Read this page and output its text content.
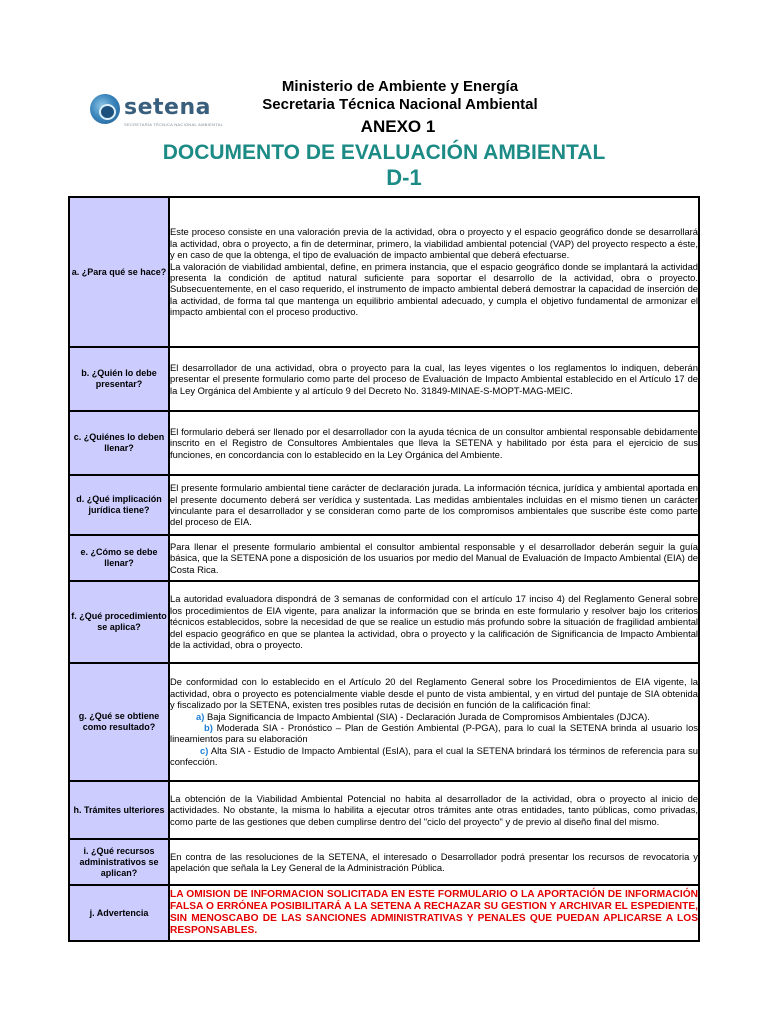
setena
SECRETARÍA TÉCNICA NACIONAL AMBIENTAL
Ministerio de Ambiente y Energía
Secretaria Técnica Nacional Ambiental
ANEXO 1
DOCUMENTO DE EVALUACIÓN AMBIENTAL
D-1
a. ¿Para qué se hace?	Este proceso consiste en una valoración previa de la actividad, obra o proyecto y el espacio geográfico donde se desarrollará la actividad, obra o proyecto, a fin de determinar, primero, la viabilidad ambiental potencial (VAP) del proyecto respecto a éste, y en caso de que la obtenga, el tipo de evaluación de impacto ambiental que deberá efectuarse.
La valoración de viabilidad ambiental, define, en primera instancia, que el espacio geográfico donde se implantará la actividad presenta la condición de aptitud natural suficiente para soportar el desarrollo de la actividad, obra o proyecto. Subsecuentemente, en el caso requerido, el instrumento de impacto ambiental deberá demostrar la capacidad de inserción de la actividad, de forma tal que mantenga un equilibrio ambiental adecuado, y cumpla el objetivo fundamental de armonizar el impacto ambiental con el proceso productivo.

b. ¿Quién lo debe presentar?	El desarrollador de una actividad, obra o proyecto para la cual, las leyes vigentes o los reglamentos lo indiquen, deberán presentar el presente formulario como parte del proceso de Evaluación de Impacto Ambiental establecido en el Artículo 17 de la Ley Orgánica del Ambiente y al artículo 9 del Decreto No. 31849-MINAE-S-MOPT-MAG-MEIC.

c. ¿Quiénes lo deben llenar?	El formulario deberá ser llenado por el desarrollador con la ayuda técnica de un consultor ambiental responsable debidamente inscrito en el Registro de Consultores Ambientales que lleva la SETENA y habilitado por ésta para el ejercicio de sus funciones, en concordancia con lo establecido en la Ley Orgánica del Ambiente.

d. ¿Qué implicación jurídica tiene?	El presente formulario ambiental tiene carácter de declaración jurada. La información técnica, jurídica y ambiental aportada en el presente documento deberá ser verídica y sustentada. Las medidas ambientales incluidas en el mismo tienen un carácter vinculante para el desarrollador y se consideran como parte de los compromisos ambientales que suscribe éste como parte del proceso de EIA.

e. ¿Cómo se debe llenar?	Para llenar el presente formulario ambiental el consultor ambiental responsable y el desarrollador deberán seguir la guía básica, que la SETENA pone a disposición de los usuarios por medio del Manual de Evaluación de Impacto Ambiental (EIA) de Costa Rica.

f. ¿Qué procedimiento se aplica?	La autoridad evaluadora dispondrá de 3 semanas de conformidad con el artículo 17 inciso 4) del Reglamento General sobre los procedimientos de EIA vigente, para analizar la información que se brinda en este formulario y resolver bajo los criterios técnicos establecidos, sobre la necesidad de que se realice un estudio más profundo sobre la situación de fragilidad ambiental del espacio geográfico en que se plantea la actividad, obra o proyecto y la calificación de Significancia de Impacto Ambiental de la actividad, obra o proyecto.

g. ¿Qué se obtiene como resultado?	De conformidad con lo establecido en el Artículo 20 del Reglamento General sobre los Procedimientos de EIA vigente, la actividad, obra o proyecto es potencialmente viable desde el punto de vista ambiental, y en virtud del puntaje de SIA obtenida y fiscalizado por la SETENA, existen tres posibles rutas de decisión en función de la calificación final:
a) Baja Significancia de Impacto Ambiental (SIA) - Declaración Jurada de Compromisos Ambientales (DJCA).
b) Moderada SIA - Pronóstico – Plan de Gestión Ambiental (P-PGA), para lo cual la SETENA brinda al usuario los lineamientos para su elaboración
c) Alta SIA - Estudio de Impacto Ambiental (EsIA), para el cual la SETENA brindará los términos de referencia para su confección.

h. Trámites ulteriores	La obtención de la Viabilidad Ambiental Potencial no habita al desarrollador de la actividad, obra o proyecto al inicio de actividades. No obstante, la misma lo habilita a ejecutar otros trámites ante otras entidades, tanto públicas, como privadas, como parte de las gestiones que deben cumplirse dentro del "ciclo del proyecto" y de previo al diseño final del mismo.

i. ¿Qué recursos administrativos se aplican?	En contra de las resoluciones de la SETENA, el interesado o Desarrollador podrá presentar los recursos de revocatoria y apelación que señala la Ley General de la Administración Pública.

j. Advertencia	LA OMISION DE INFORMACION SOLICITADA EN ESTE FORMULARIO O LA APORTACIÓN DE INFORMACIÓN FALSA O ERRÓNEA POSIBILITARÁ A LA SETENA A RECHAZAR SU GESTION Y ARCHIVAR EL ESPEDIENTE, SIN MENOSCABO DE LAS SANCIONES ADMINISTRATIVAS Y PENALES QUE PUEDAN APLICARSE A LOS RESPONSABLES.
